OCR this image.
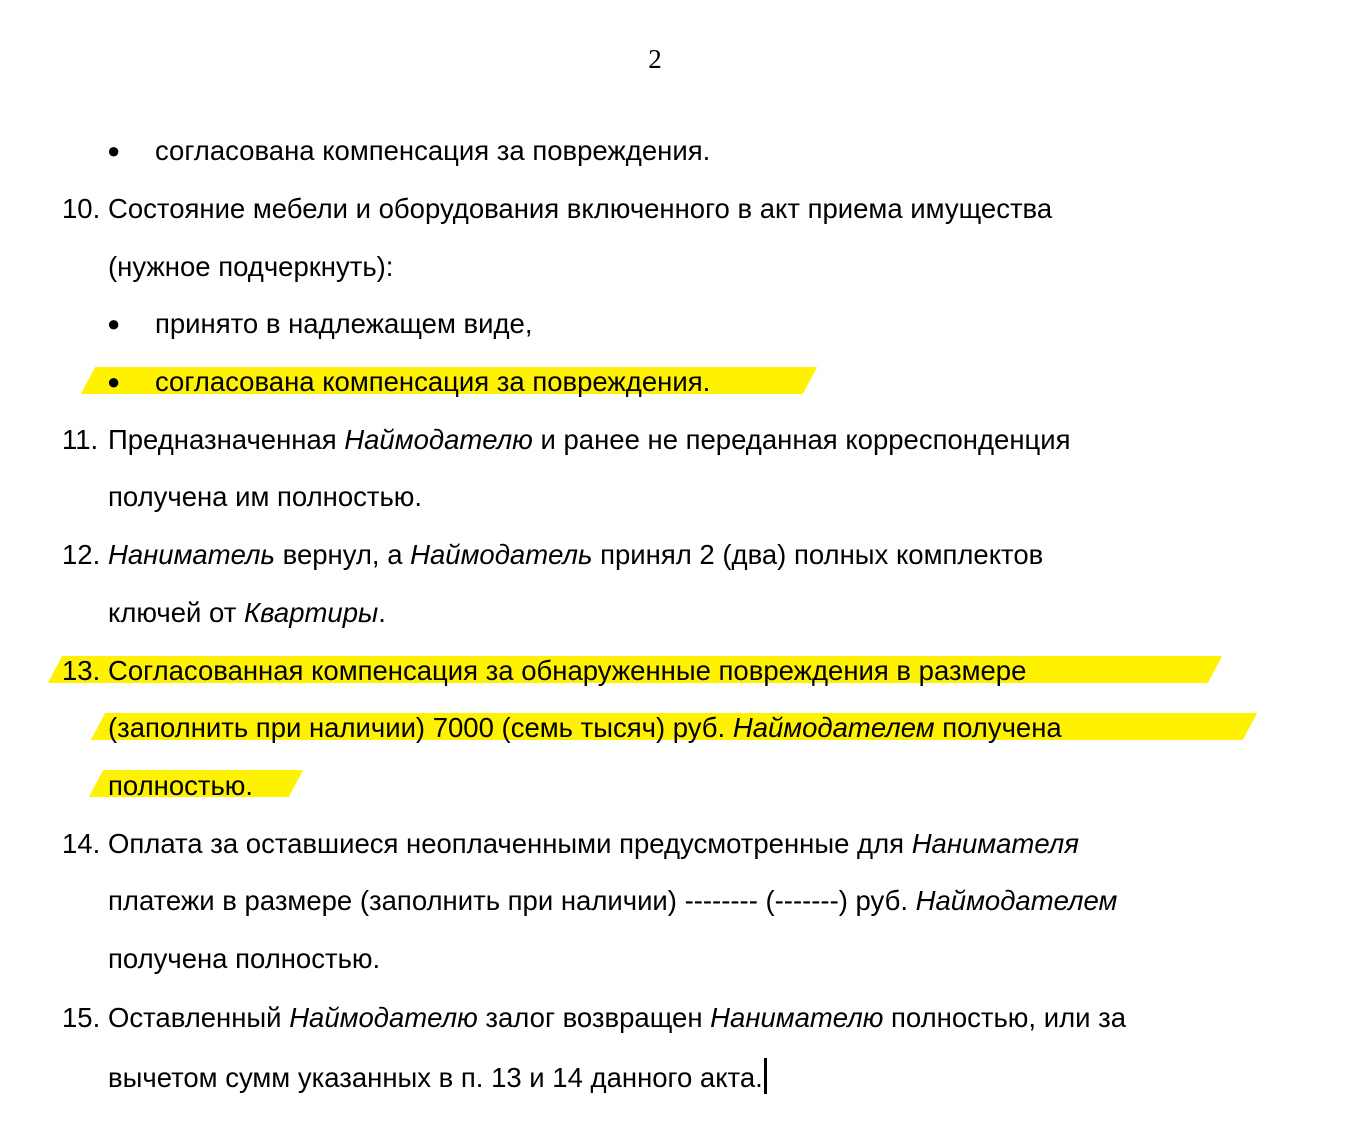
2
● согласована компенсация за повреждения.
10. Состояние мебели и оборудования включенного в акт приема имущества
(нужное подчеркнуть):
● принято в надлежащем виде,
● согласована компенсация за повреждения.
11. Предназначенная Наймодателю и ранее не переданная корреспонденция
получена им полностью.
12. Наниматель вернул, а Наймодатель принял 2 (два) полных комплектов
ключей от Квартиры.
13. Согласованная компенсация за обнаруженные повреждения в размере
(заполнить при наличии) 7000 (семь тысяч) руб. Наймодателем получена
полностью.
14. Оплата за оставшиеся неоплаченными предусмотренные для Нанимателя
платежи в размере (заполнить при наличии) -------- (-------) руб. Наймодателем
получена полностью.
15. Оставленный Наймодателю залог возвращен Нанимателю полностью, или за
вычетом сумм указанных в п. 13 и 14 данного акта.
